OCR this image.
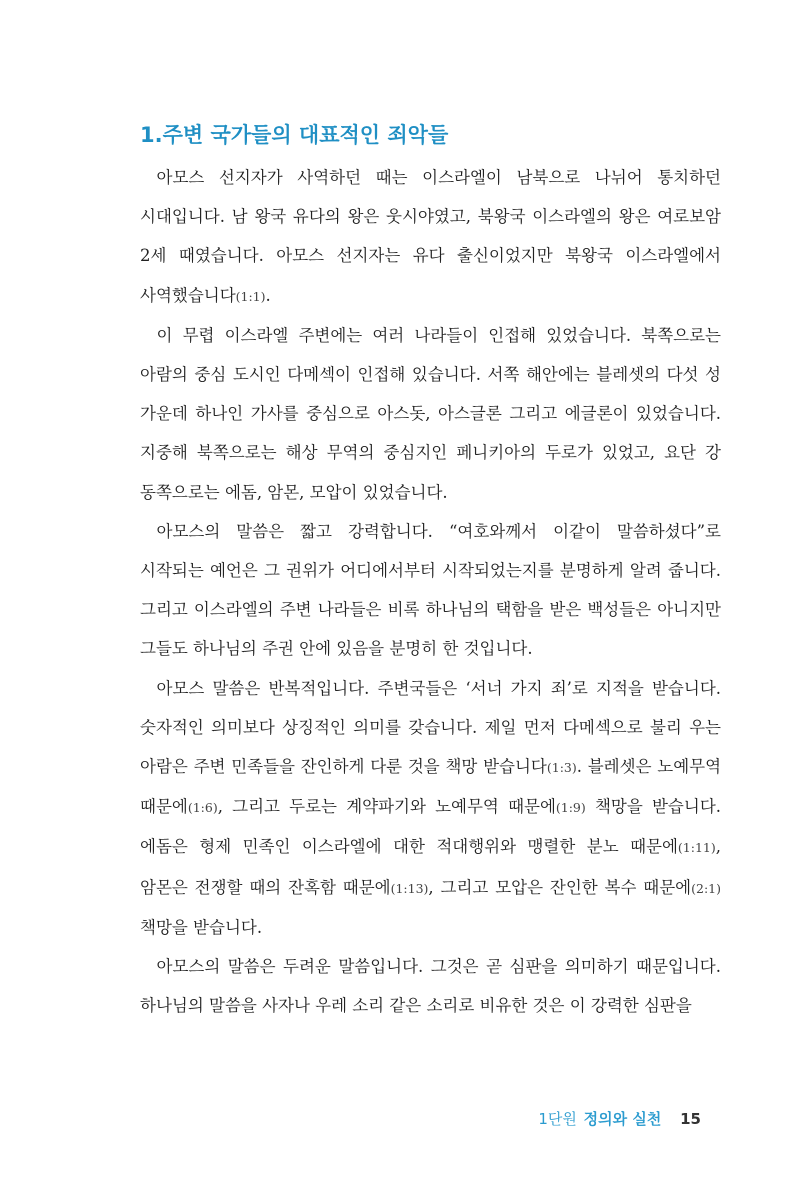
1.주변 국가들의 대표적인 죄악들

아모스 선지자가 사역하던 때는 이스라엘이 남북으로 나뉘어 통치하던 시대입니다. 남 왕국 유다의 왕은 웃시야였고, 북왕국 이스라엘의 왕은 여로보암 2세 때였습니다. 아모스 선지자는 유다 출신이었지만 북왕국 이스라엘에서 사역했습니다(1:1).

이 무렵 이스라엘 주변에는 여러 나라들이 인접해 있었습니다. 북쪽으로는 아람의 중심 도시인 다메섹이 인접해 있습니다. 서쪽 해안에는 블레셋의 다섯 성 가운데 하나인 가사를 중심으로 아스돗, 아스글론 그리고 에글론이 있었습니다. 지중해 북쪽으로는 해상 무역의 중심지인 페니키아의 두로가 있었고, 요단 강 동쪽으로는 에돔, 암몬, 모압이 있었습니다.

아모스의 말씀은 짧고 강력합니다. “여호와께서 이같이 말씀하셨다”로 시작되는 예언은 그 권위가 어디에서부터 시작되었는지를 분명하게 알려 줍니다. 그리고 이스라엘의 주변 나라들은 비록 하나님의 택함을 받은 백성들은 아니지만 그들도 하나님의 주권 안에 있음을 분명히 한 것입니다.

아모스 말씀은 반복적입니다. 주변국들은 ‘서너 가지 죄’로 지적을 받습니다. 숫자적인 의미보다 상징적인 의미를 갖습니다. 제일 먼저 다메섹으로 불리 우는 아람은 주변 민족들을 잔인하게 다룬 것을 책망 받습니다(1:3). 블레셋은 노예무역 때문에(1:6), 그리고 두로는 계약파기와 노예무역 때문에(1:9) 책망을 받습니다. 에돔은 형제 민족인 이스라엘에 대한 적대행위와 맹렬한 분노 때문에(1:11), 암몬은 전쟁할 때의 잔혹함 때문에(1:13), 그리고 모압은 잔인한 복수 때문에(2:1) 책망을 받습니다.

아모스의 말씀은 두려운 말씀입니다. 그것은 곧 심판을 의미하기 때문입니다. 하나님의 말씀을 사자나 우레 소리 같은 소리로 비유한 것은 이 강력한 심판을

1단원 정의와 실천 15
